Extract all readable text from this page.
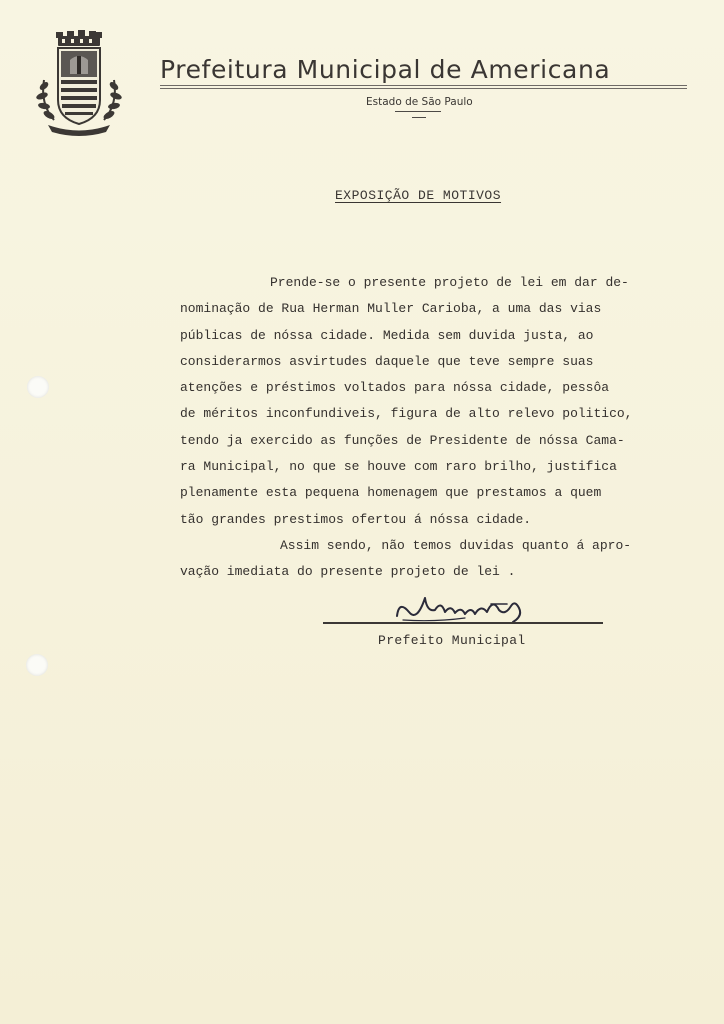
Prefeitura Municipal de Americana
Estado de São Paulo
EXPOSIÇÃO DE MOTIVOS
Prende-se o presente projeto de lei em dar de-
nominação de Rua Herman Muller Carioba, a uma das vias
públicas de nóssa cidade. Medida sem duvida justa, ao
considerarmos asvirtudes daquele que teve sempre suas
atenções e préstimos voltados para nóssa cidade, pessôa
de méritos inconfundiveis, figura de alto relevo politico,
tendo ja exercido as funções de Presidente de nóssa Cama-
ra Municipal, no que se houve com raro brilho, justifica
plenamente esta pequena homenagem que prestamos a quem
tão grandes prestimos ofertou á nóssa cidade.
Assim sendo, não temos duvidas quanto á apro-
vação imediata do presente projeto de lei .
Prefeito Municipal
